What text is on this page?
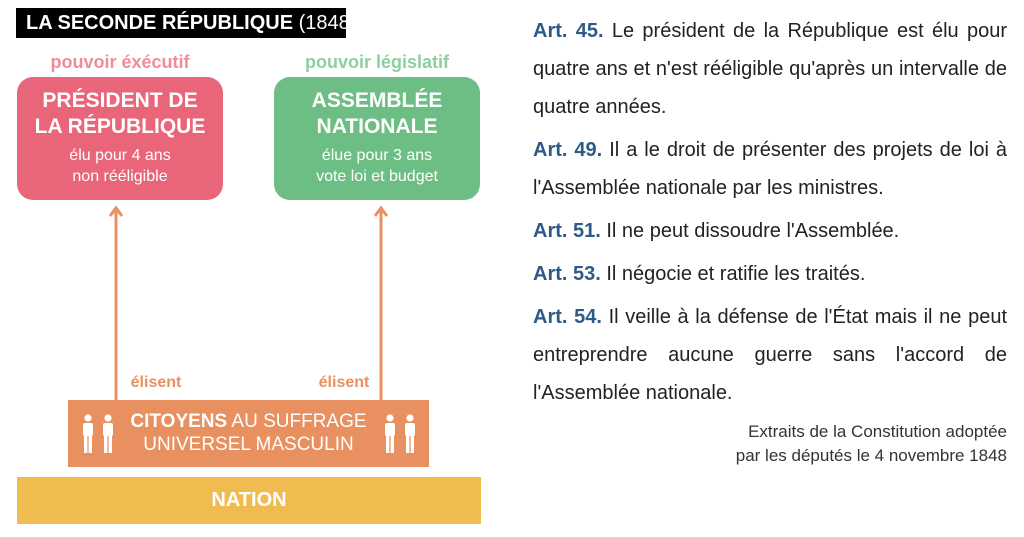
LA SECONDE RÉPUBLIQUE (1848)
pouvoir éxécutif
PRÉSIDENT DE
LA RÉPUBLIQUE
élu pour 4 ans
non rééligible
pouvoir législatif
ASSEMBLÉE
NATIONALE
élue pour 3 ans
vote loi et budget
élisent	élisent
CITOYENS AU SUFFRAGE
UNIVERSEL MASCULIN
NATION
Art. 45. Le président de la République est élu pour quatre ans et n'est rééligible qu'après un intervalle de quatre années.
Art. 49. Il a le droit de présenter des projets de loi à l'Assemblée nationale par les ministres.
Art. 51. Il ne peut dissoudre l'Assemblée.
Art. 53. Il négocie et ratifie les traités.
Art. 54. Il veille à la défense de l'État mais il ne peut entreprendre aucune guerre sans l'accord de l'Assemblée nationale.
Extraits de la Constitution adoptée
par les députés le 4 novembre 1848
